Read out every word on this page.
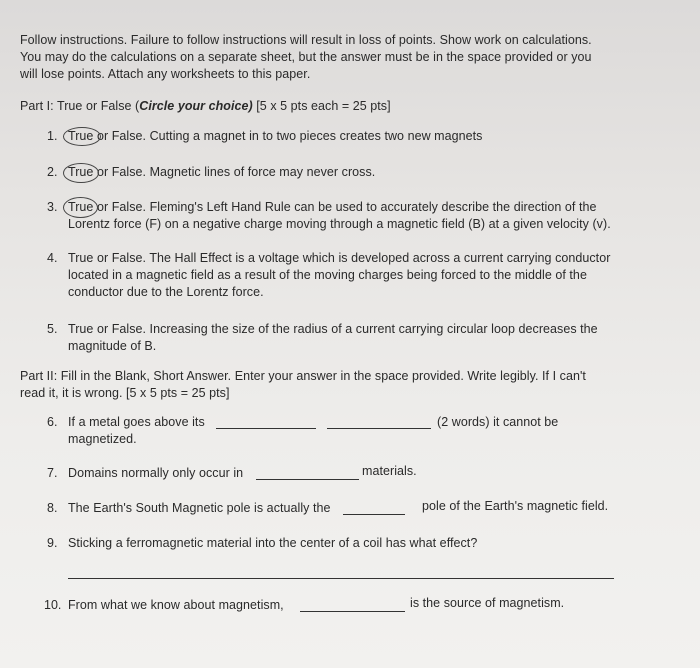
Follow instructions. Failure to follow instructions will result in loss of points. Show work on calculations.
You may do the calculations on a separate sheet, but the answer must be in the space provided or you
will lose points. Attach any worksheets to this paper.
Part I: True or False (Circle your choice) [5 x 5 pts each = 25 pts]
1. True or False. Cutting a magnet in to two pieces creates two new magnets
2. True or False. Magnetic lines of force may never cross.
3. True or False. Fleming's Left Hand Rule can be used to accurately describe the direction of the
Lorentz force (F) on a negative charge moving through a magnetic field (B) at a given velocity (v).
4. True or False. The Hall Effect is a voltage which is developed across a current carrying conductor
located in a magnetic field as a result of the moving charges being forced to the middle of the
conductor due to the Lorentz force.
5. True or False. Increasing the size of the radius of a current carrying circular loop decreases the
magnitude of B.
Part II: Fill in the Blank, Short Answer. Enter your answer in the space provided. Write legibly. If I can't
read it, it is wrong. [5 x 5 pts = 25 pts]
6. If a metal goes above its	(2 words) it cannot be
magnetized.
7. Domains normally only occur in	materials.
8. The Earth's South Magnetic pole is actually the	pole of the Earth's magnetic field.
9. Sticking a ferromagnetic material into the center of a coil has what effect?
10. From what we know about magnetism,	is the source of magnetism.
